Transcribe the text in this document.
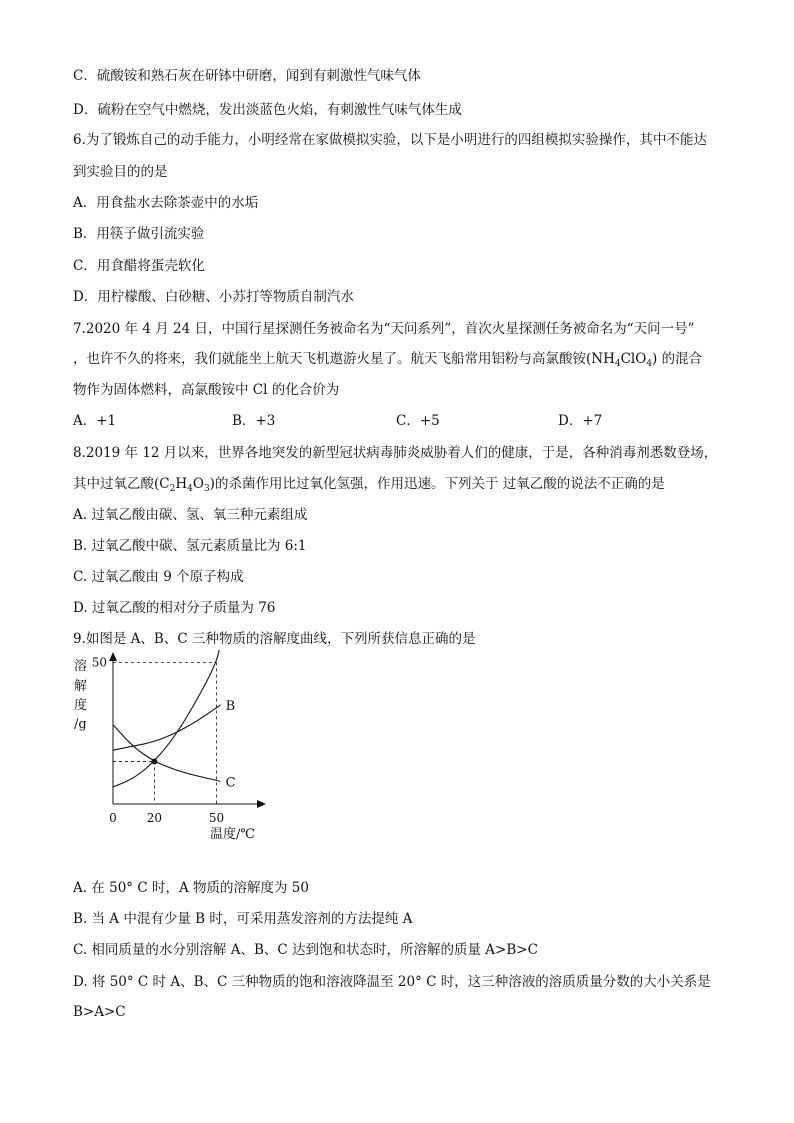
C．硫酸铵和熟石灰在研钵中研磨，闻到有刺激性气味气体
D．硫粉在空气中燃烧，发出淡蓝色火焰，有刺激性气味气体生成
6.为了锻炼自己的动手能力，小明经常在家做模拟实验，以下是小明进行的四组模拟实验操作，其中不能达
到实验目的的是
A．用食盐水去除茶壶中的水垢
B．用筷子做引流实验
C．用食醋将蛋壳软化
D．用柠檬酸、白砂糖、小苏打等物质自制汽水
7.2020 年 4 月 24 日，中国行星探测任务被命名为“天问系列”，首次火星探测任务被命名为“天问一号”
，也许不久的将来，我们就能坐上航天飞机遨游火星了。航天飞船常用铝粉与高氯酸铵$(NH_4ClO_4)$ 的混合
物作为固体燃料，高氯酸铵中 Cl 的化合价为
A．+1	B．+3	C．+5	D．+7
8.2019 年 12 月以来，世界各地突发的新型冠状病毒肺炎威胁着人们的健康，于是，各种消毒剂悉数登场，
其中过氧乙酸$(C_2H_4O_3)$的杀菌作用比过氧化氢强，作用迅速。下列关于 过氧乙酸的说法不正确的是
A. 过氧乙酸由碳、氢、氧三种元素组成
B. 过氧乙酸中碳、氢元素质量比为 6:1
C. 过氧乙酸由 9 个原子构成
D. 过氧乙酸的相对分子质量为 76
9.如图是 A、B、C 三种物质的溶解度曲线，下列所获信息正确的是
溶
解
度
/g
B
C
0 20	50
50
温度/℃
A. 在 50° C 时，A 物质的溶解度为 50
B. 当 A 中混有少量 B 时，可采用蒸发溶剂的方法提纯 A
C. 相同质量的水分别溶解 A、B、C 达到饱和状态时，所溶解的质量 A>B>C
D. 将 50° C 时 A、B、C 三种物质的饱和溶液降温至 20° C 时，这三种溶液的溶质质量分数的大小关系是
B>A>C
